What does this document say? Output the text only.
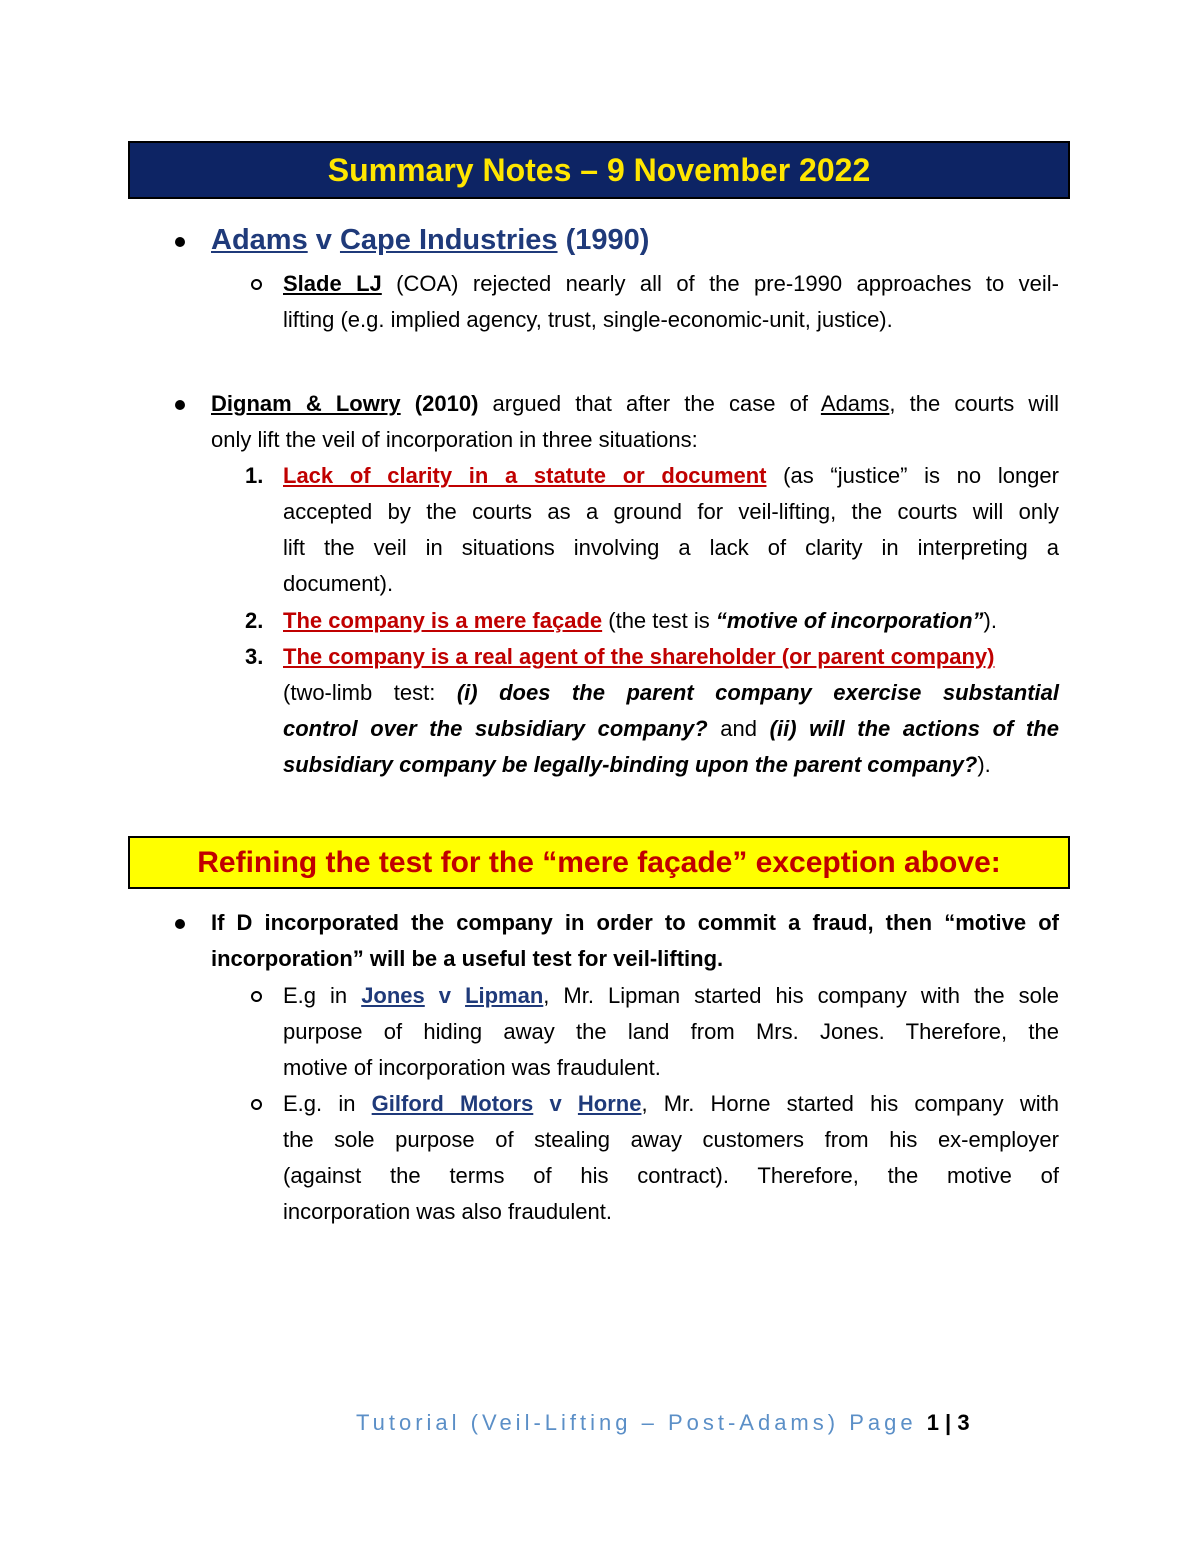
Summary Notes – 9 November 2022
Adams v Cape Industries (1990)
Slade LJ (COA) rejected nearly all of the pre-1990 approaches to veil-
lifting (e.g. implied agency, trust, single-economic-unit, justice).
Dignam & Lowry (2010) argued that after the case of Adams, the courts will
only lift the veil of incorporation in three situations:
1. Lack of clarity in a statute or document (as “justice” is no longer
accepted by the courts as a ground for veil-lifting, the courts will only
lift the veil in situations involving a lack of clarity in interpreting a
document).
2. The company is a mere façade (the test is “motive of incorporation”).
3. The company is a real agent of the shareholder (or parent company)
(two-limb test: (i) does the parent company exercise substantial
control over the subsidiary company? and (ii) will the actions of the
subsidiary company be legally-binding upon the parent company?).
Refining the test for the “mere façade” exception above:
If D incorporated the company in order to commit a fraud, then “motive of
incorporation” will be a useful test for veil-lifting.
E.g in Jones v Lipman, Mr. Lipman started his company with the sole
purpose of hiding away the land from Mrs. Jones. Therefore, the
motive of incorporation was fraudulent.
E.g. in Gilford Motors v Horne, Mr. Horne started his company with
the sole purpose of stealing away customers from his ex-employer
(against the terms of his contract). Therefore, the motive of
incorporation was also fraudulent.
Tutorial (Veil-Lifting – Post-Adams) Page 1 | 3
